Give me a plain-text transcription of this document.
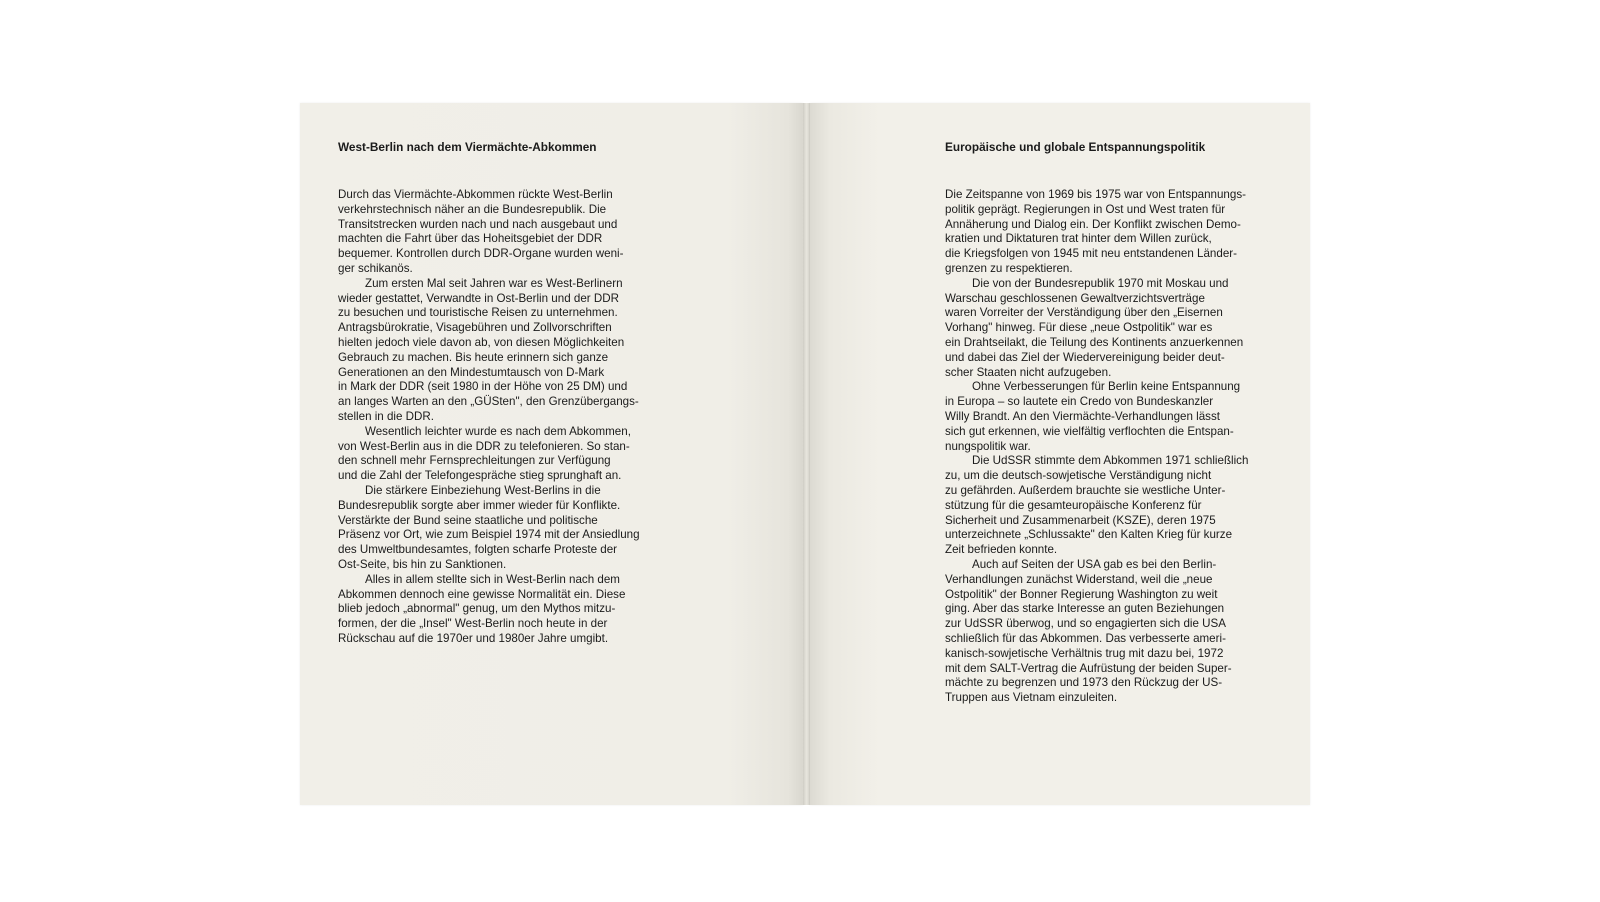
West-Berlin nach dem Viermächte-Abkommen
Durch das Viermächte-Abkommen rückte West-Berlin
verkehrstechnisch näher an die Bundesrepublik. Die
Transitstrecken wurden nach und nach ausgebaut und
machten die Fahrt über das Hoheitsgebiet der DDR
bequemer. Kontrollen durch DDR-Organe wurden weni-
ger schikanös.
Zum ersten Mal seit Jahren war es West-Berlinern
wieder gestattet, Verwandte in Ost-Berlin und der DDR
zu besuchen und touristische Reisen zu unternehmen.
Antragsbürokratie, Visagebühren und Zollvorschriften
hielten jedoch viele davon ab, von diesen Möglichkeiten
Gebrauch zu machen. Bis heute erinnern sich ganze
Generationen an den Mindestumtausch von D-Mark
in Mark der DDR (seit 1980 in der Höhe von 25 DM) und
an langes Warten an den „GÜSten", den Grenzübergangs-
stellen in die DDR.
Wesentlich leichter wurde es nach dem Abkommen,
von West-Berlin aus in die DDR zu telefonieren. So stan-
den schnell mehr Fernsprechleitungen zur Verfügung
und die Zahl der Telefongespräche stieg sprunghaft an.
Die stärkere Einbeziehung West-Berlins in die
Bundesrepublik sorgte aber immer wieder für Konflikte.
Verstärkte der Bund seine staatliche und politische
Präsenz vor Ort, wie zum Beispiel 1974 mit der Ansiedlung
des Umweltbundesamtes, folgten scharfe Proteste der
Ost-Seite, bis hin zu Sanktionen.
Alles in allem stellte sich in West-Berlin nach dem
Abkommen dennoch eine gewisse Normalität ein. Diese
blieb jedoch „abnormal" genug, um den Mythos mitzu-
formen, der die „Insel" West-Berlin noch heute in der
Rückschau auf die 1970er und 1980er Jahre umgibt.
Europäische und globale Entspannungspolitik
Die Zeitspanne von 1969 bis 1975 war von Entspannungs-
politik geprägt. Regierungen in Ost und West traten für
Annäherung und Dialog ein. Der Konflikt zwischen Demo-
kratien und Diktaturen trat hinter dem Willen zurück,
die Kriegsfolgen von 1945 mit neu entstandenen Länder-
grenzen zu respektieren.
Die von der Bundesrepublik 1970 mit Moskau und
Warschau geschlossenen Gewaltverzichtsverträge
waren Vorreiter der Verständigung über den „Eisernen
Vorhang" hinweg. Für diese „neue Ostpolitik" war es
ein Drahtseilakt, die Teilung des Kontinents anzuerkennen
und dabei das Ziel der Wiedervereinigung beider deut-
scher Staaten nicht aufzugeben.
Ohne Verbesserungen für Berlin keine Entspannung
in Europa – so lautete ein Credo von Bundeskanzler
Willy Brandt. An den Viermächte-Verhandlungen lässt
sich gut erkennen, wie vielfältig verflochten die Entspan-
nungspolitik war.
Die UdSSR stimmte dem Abkommen 1971 schließlich
zu, um die deutsch-sowjetische Verständigung nicht
zu gefährden. Außerdem brauchte sie westliche Unter-
stützung für die gesamteuropäische Konferenz für
Sicherheit und Zusammenarbeit (KSZE), deren 1975
unterzeichnete „Schlussakte" den Kalten Krieg für kurze
Zeit befrieden konnte.
Auch auf Seiten der USA gab es bei den Berlin-
Verhandlungen zunächst Widerstand, weil die „neue
Ostpolitik" der Bonner Regierung Washington zu weit
ging. Aber das starke Interesse an guten Beziehungen
zur UdSSR überwog, und so engagierten sich die USA
schließlich für das Abkommen. Das verbesserte ameri-
kanisch-sowjetische Verhältnis trug mit dazu bei, 1972
mit dem SALT-Vertrag die Aufrüstung der beiden Super-
mächte zu begrenzen und 1973 den Rückzug der US-
Truppen aus Vietnam einzuleiten.
